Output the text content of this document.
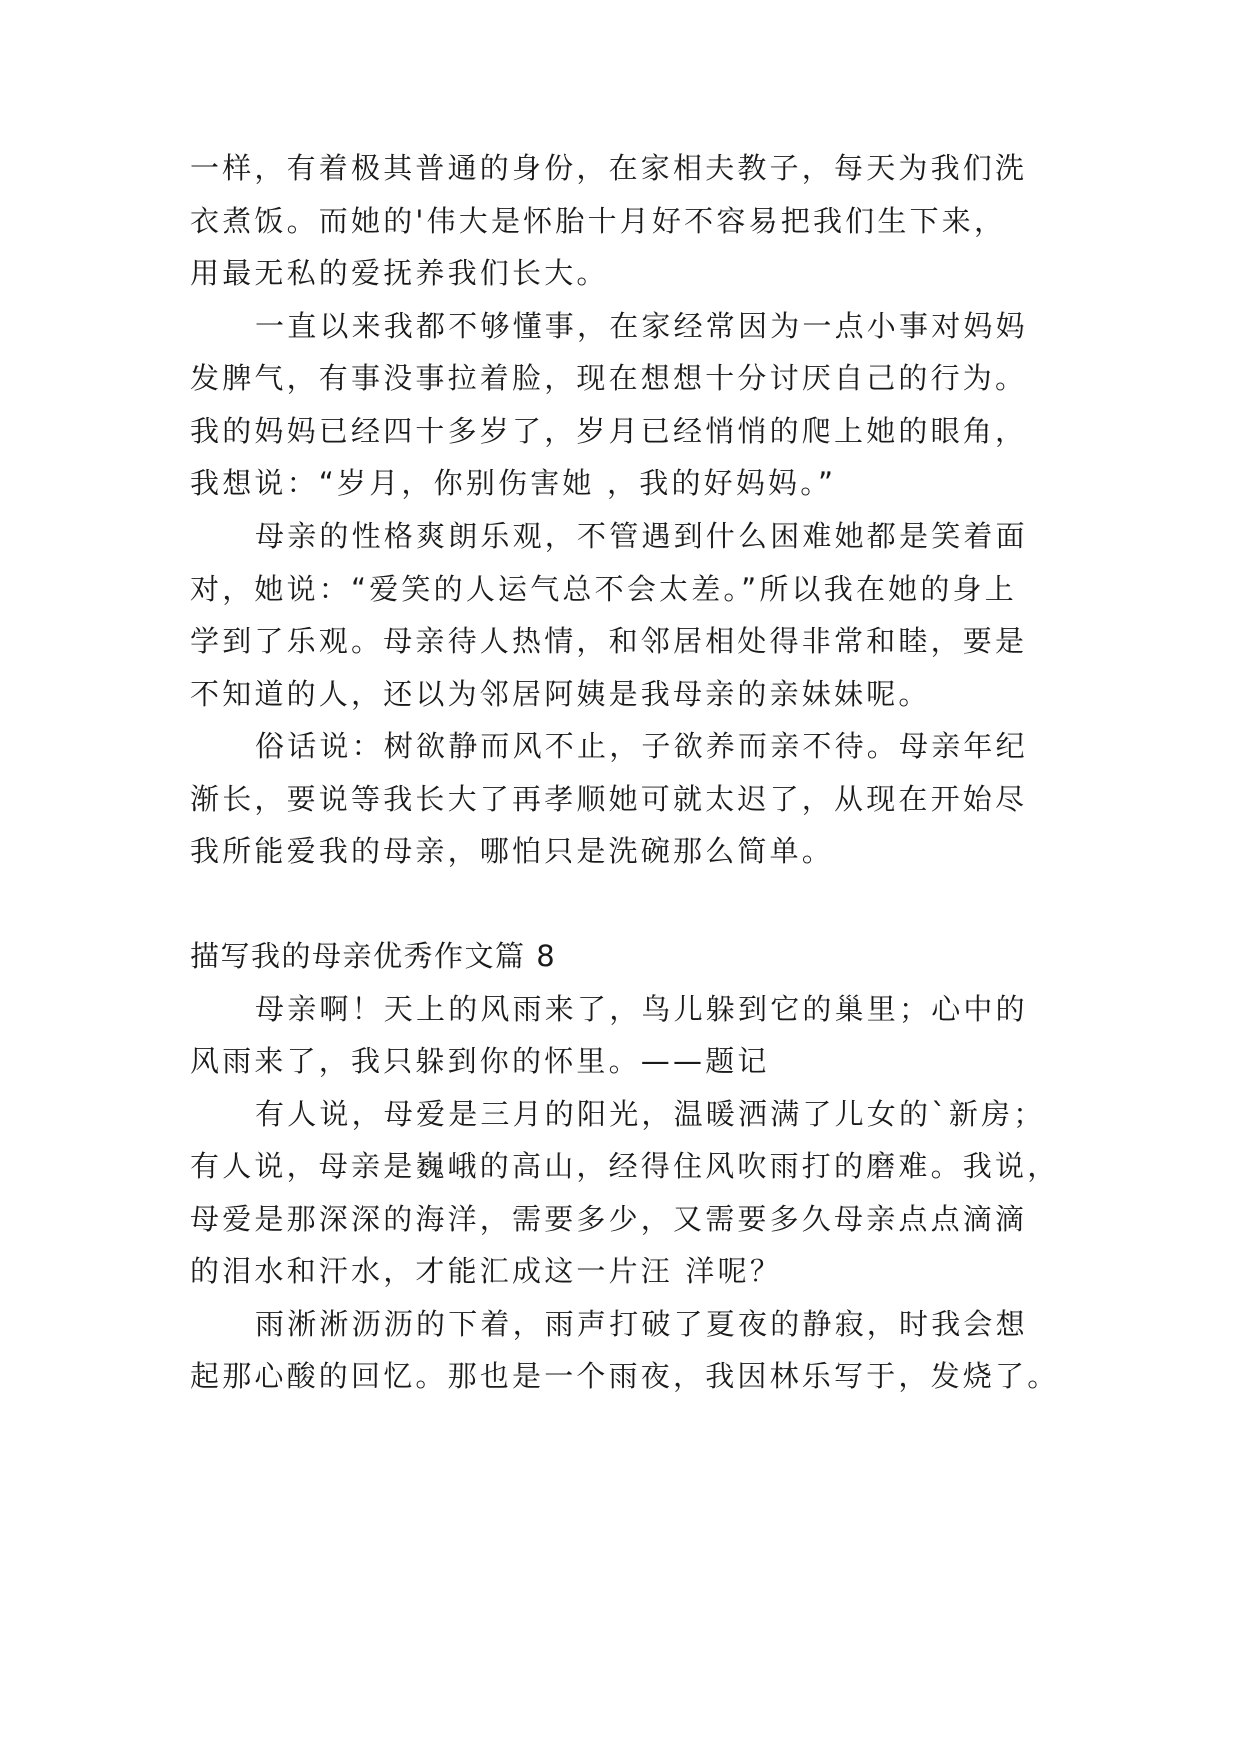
一样，有着极其普通的身份，在家相夫教子，每天为我们洗
衣煮饭。而她的'伟大是怀胎十月好不容易把我们生下来，
用最无私的爱抚养我们长大。
一直以来我都不够懂事，在家经常因为一点小事对妈妈
发脾气，有事没事拉着脸，现在想想十分讨厌自己的行为。
我的妈妈已经四十多岁了，岁月已经悄悄的爬上她的眼角，
我想说：“岁月，你别伤害她 ，我的好妈妈。”
母亲的性格爽朗乐观，不管遇到什么困难她都是笑着面
对，她说：“爱笑的人运气总不会太差。”所以我在她的身上
学到了乐观。母亲待人热情，和邻居相处得非常和睦，要是
不知道的人，还以为邻居阿姨是我母亲的亲妹妹呢。
俗话说：树欲静而风不止，子欲养而亲不待。母亲年纪
渐长，要说等我长大了再孝顺她可就太迟了，从现在开始尽
我所能爱我的母亲，哪怕只是洗碗那么简单。
描写我的母亲优秀作文篇 8
母亲啊！天上的风雨来了，鸟儿躲到它的巢里；心中的
风雨来了，我只躲到你的怀里。——题记
有人说，母爱是三月的阳光，温暖洒满了儿女的`新房；
有人说，母亲是巍峨的高山，经得住风吹雨打的磨难。我说，
母爱是那深深的海洋，需要多少，又需要多久母亲点点滴滴
的泪水和汗水，才能汇成这一片汪 洋呢？
雨淅淅沥沥的下着，雨声打破了夏夜的静寂，时我会想
起那心酸的回忆。那也是一个雨夜，我因林乐写于，发烧了。
